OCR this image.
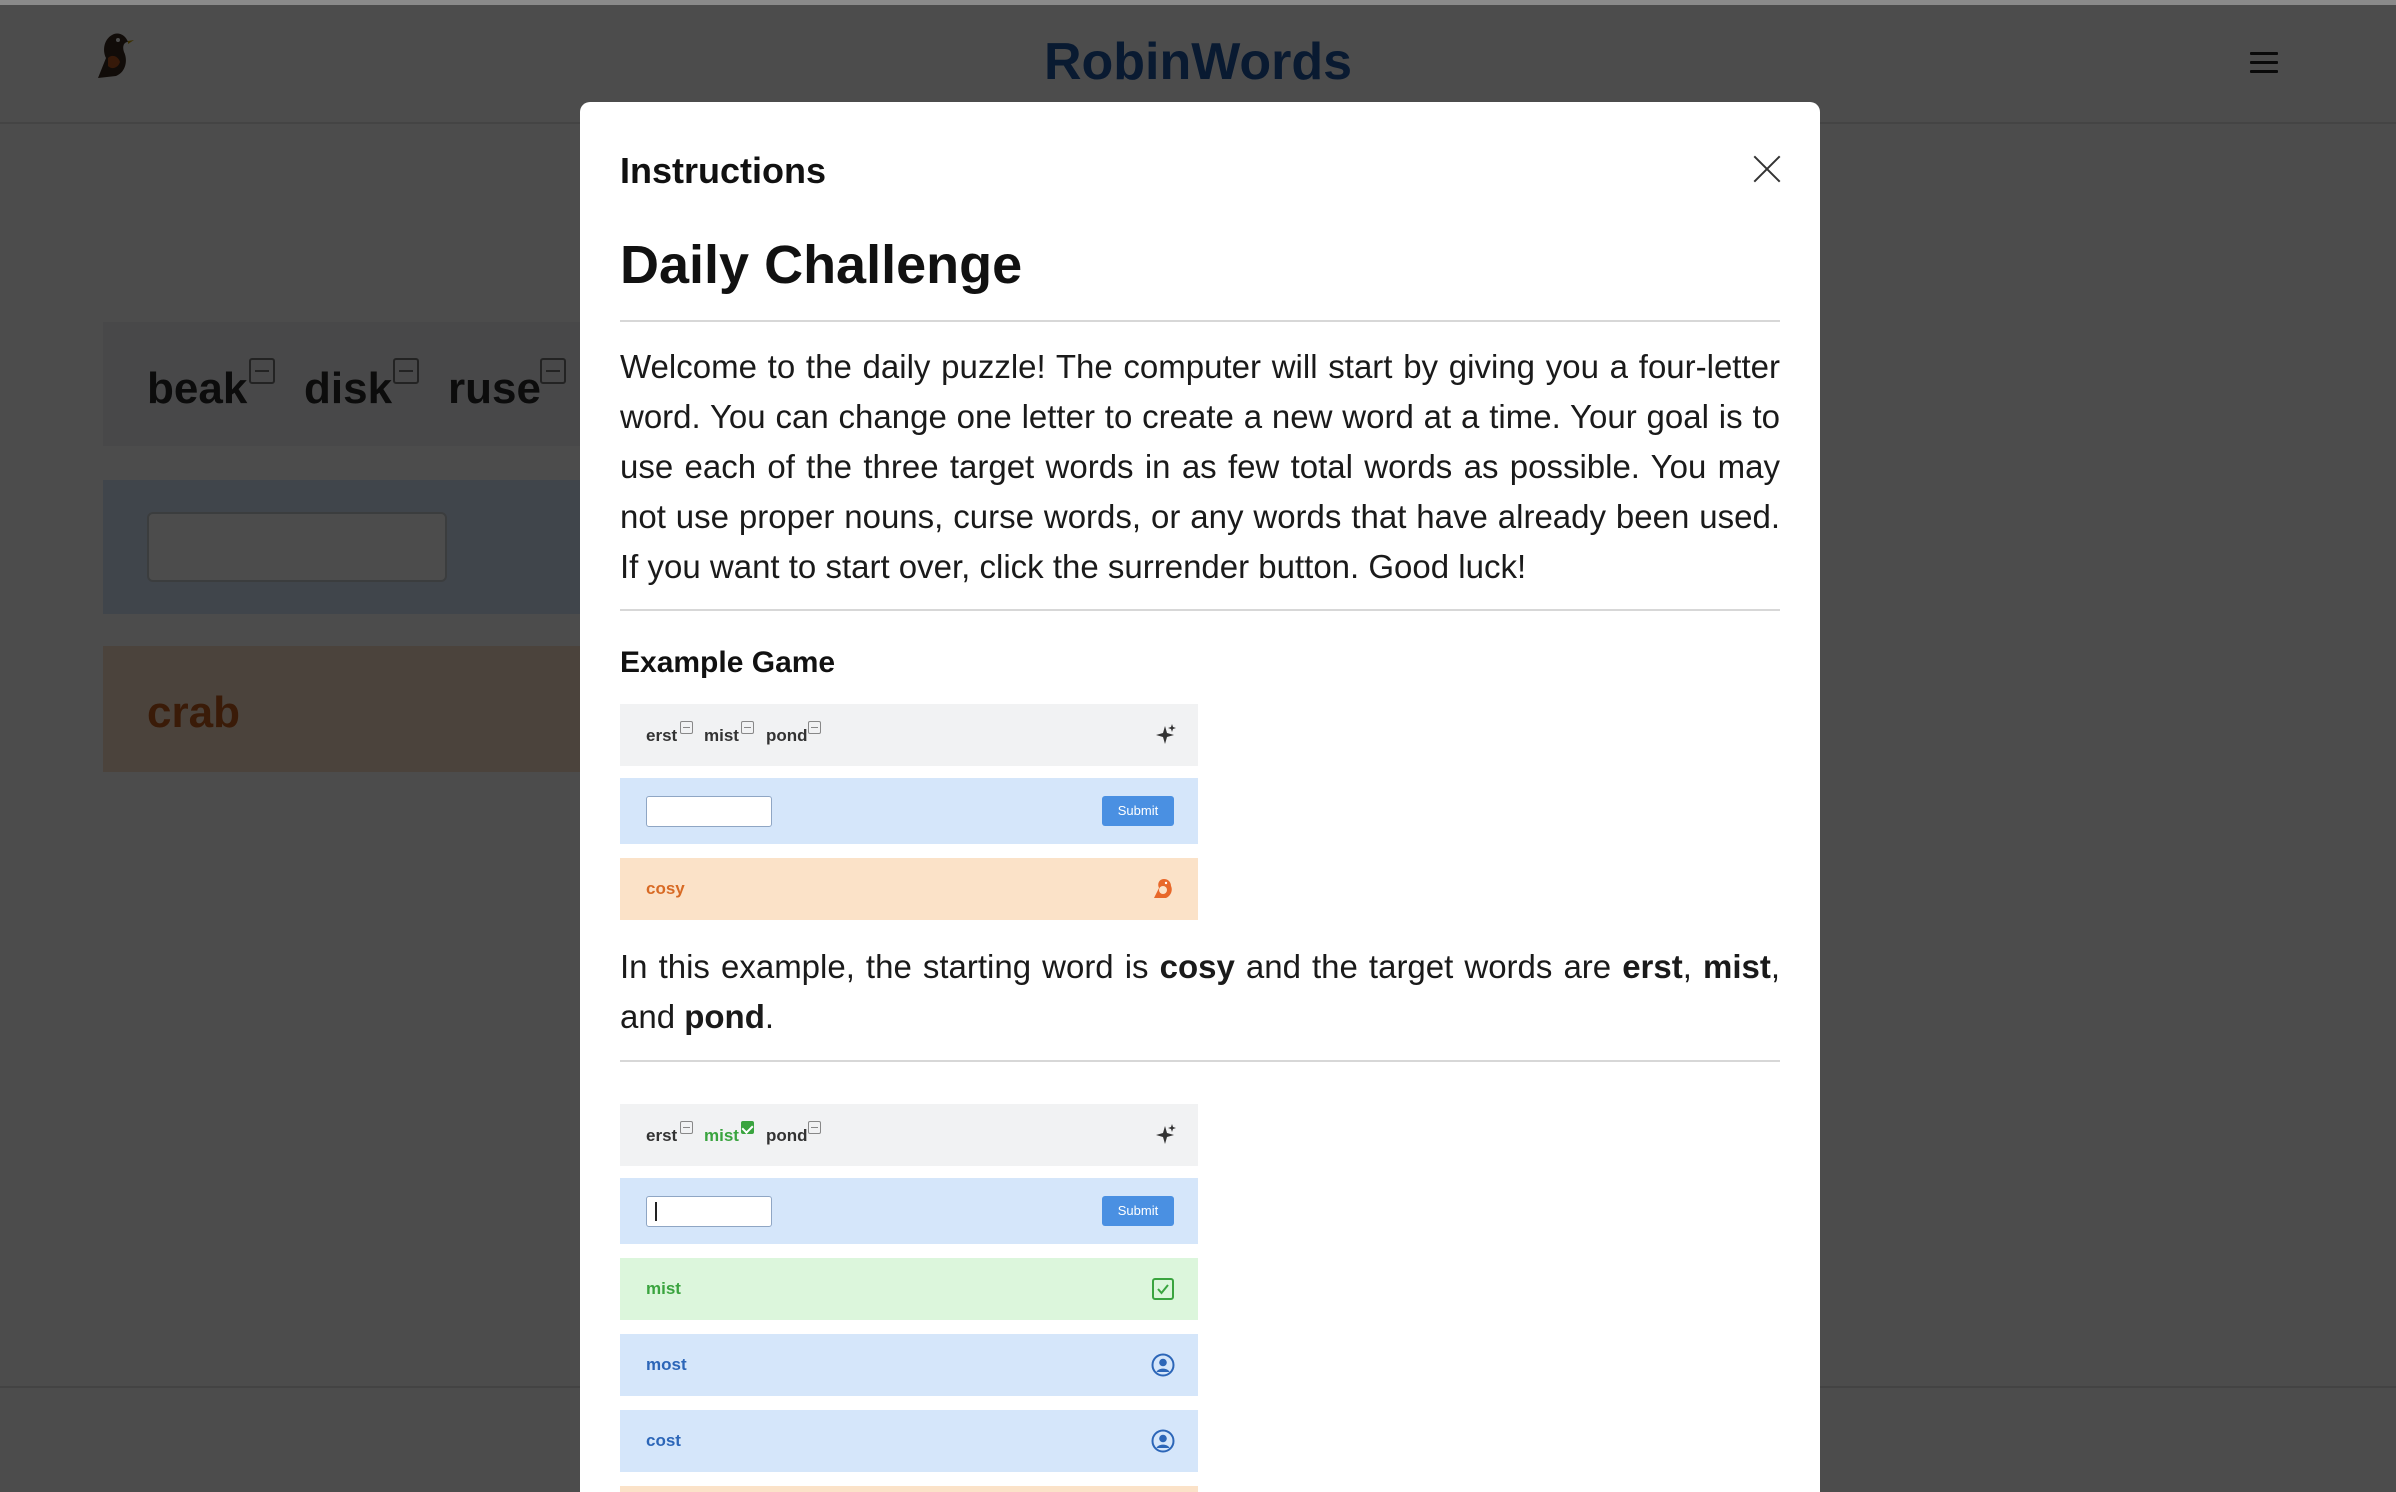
Instructions
Daily Challenge
Welcome to the daily puzzle! The computer will start by giving you a four-letter word. You can change one letter to create a new word at a time. Your goal is to use each of the three target words in as few total words as possible. You may not use proper nouns, curse words, or any words that have already been used. If you want to start over, click the surrender button. Good luck!
Example Game
erst mist pond
Submit
cosy
In this example, the starting word is cosy and the target words are erst, mist, and pond.
erst mist pond
Submit
mist
most
cost
